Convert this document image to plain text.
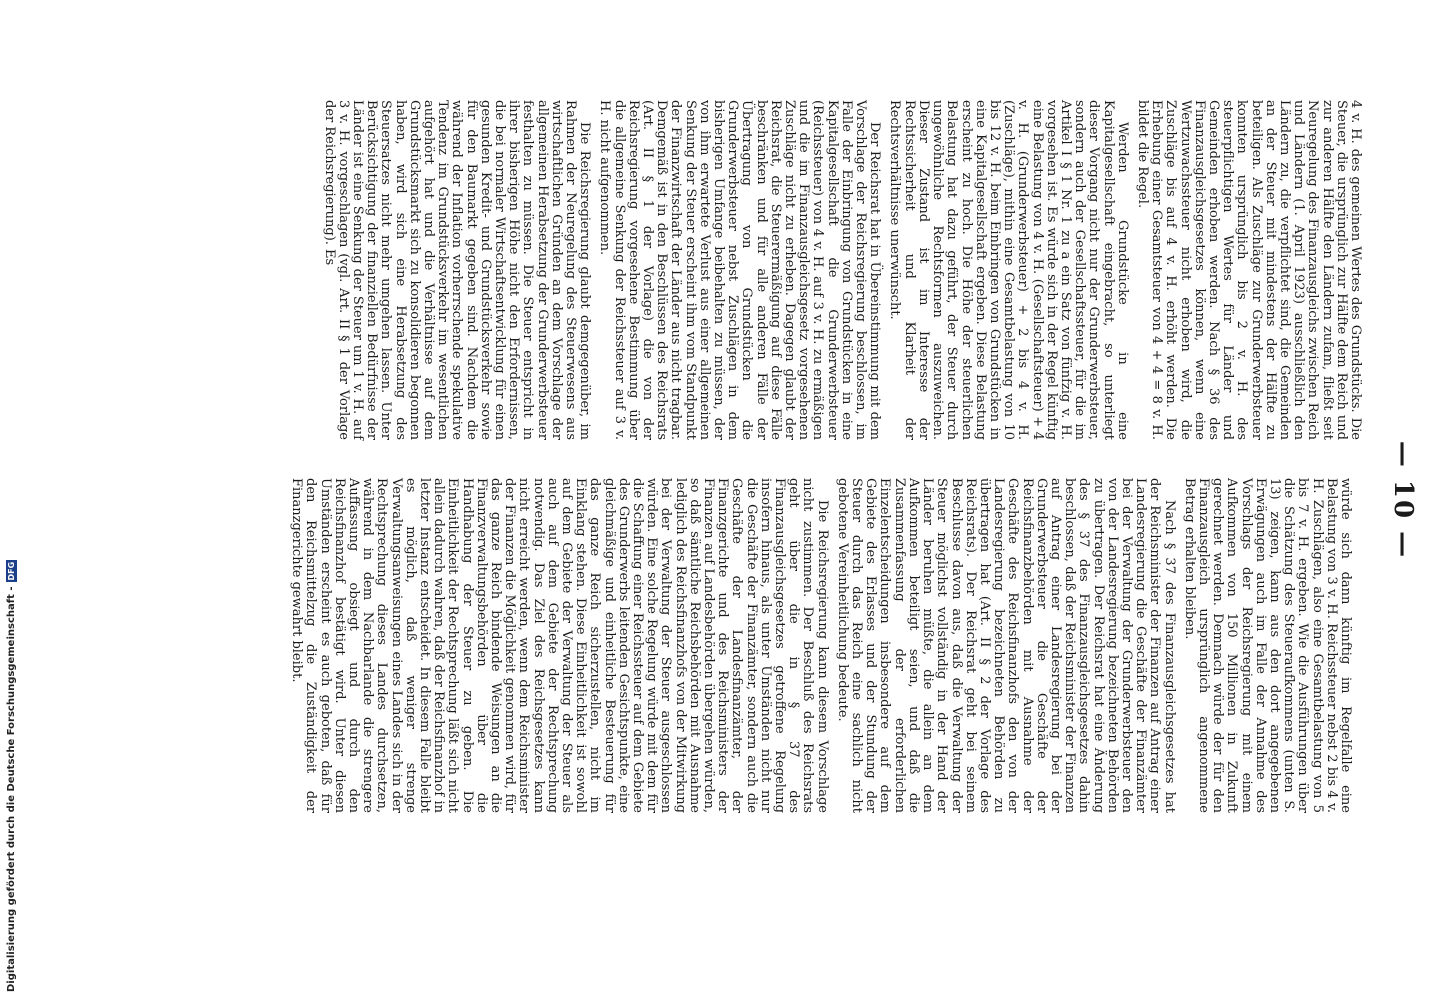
— 10 —

4 v. H. des gemeinen Wertes des Grundstücks. Die Steuer, die ursprünglich zur Hälfte dem Reich und zur anderen Hälfte den Ländern zufam, fließt seit Neuregelung des Finanzausgleichs zwischen Reich und Ländern (1. April 1923) ausschließlich den Ländern zu, die verpflichtet sind, die Gemeinden an der Steuer mit mindestens der Hälfte zu beteiligen. Als Zuschläge zur Grunderwerbsteuer konnten ursprünglich bis 2 v. H. des steuerpflichtigen Wertes für Länder und Gemeinden erhoben werden. Nach § 36 des Finanzausgleichsgesetzes können, wenn eine Wertzuwachssteuer nicht erhoben wird, die Zuschläge bis auf 4 v. H. erhöht werden. Die Erhebung einer Gesamtsteuer von 4 + 4 = 8 v. H. bildet die Regel.

Werden Grundstücke in eine Kapitalgesellschaft eingebracht, so unterliegt dieser Vorgang nicht nur der Grunderwerbsteuer, sondern auch der Gesellschaftssteuer, für die im Artikel I § 1 Nr. 1 zu a ein Satz von fünfzig v. H. vorgesehen ist. Es würde sich in der Regel künftig eine Belastung von 4 v. H. (Gesellschaftsteuer) + 4 v. H. (Grunderwerbsteuer) + 2 bis 4 v. H. (Zuschläge), mithin eine Gesamtbelastung von 10 bis 12 v. H. beim Einbringen von Grundstücken in eine Kapitalgesellschaft ergeben. Diese Belastung erscheint zu hoch. Die Höhe der steuerlichen Belastung hat dazu geführt, der Steuer durch ungewöhnliche Rechtsformen auszuweichen. Dieser Zustand ist im Interesse der Rechtssicherheit und Klarheit der Rechtsverhältnisse unerwünscht.

Der Reichsrat hat in Übereinstimmung mit dem Vorschlage der Reichsregierung beschlossen, im Falle der Einbringung von Grundstücken in eine Kapitalgesellschaft die Grunderwerbsteuer (Reichssteuer) von 4 v. H. auf 3 v. H. zu ermäßigen und die im Finanzausgleichsgesetz vorgesehenen Zuschläge nicht zu erheben. Dagegen glaubt der Reichsrat, die Steuerermäßigung auf diese Fälle beschränken und für alle anderen Fälle der Übertragung von Grundstücken die Grunderwerbsteuer nebst Zuschlägen in dem bisherigen Umfange beibehalten zu müssen, der von ihm erwartete Verlust aus einer allgemeinen Senkung der Steuer erscheint ihm vom Standpunkt der Finanzwirtschaft der Länder aus nicht tragbar. Demgemäß ist in den Beschlüssen des Reichsrats (Art. II § 1 der Vorlage) die von der Reichsregierung vorgesehene Bestimmung über die allgemeine Senkung der Reichssteuer auf 3 v. H. nicht aufgenommen.

Die Reichsregierung glaubt demgegenüber, im Rahmen der Neuregelung des Steuerwesens aus wirtschaftlichen Gründen an dem Vorschlage der allgemeinen Herabsetzung der Grunderwerbsteuer festhalten zu müssen. Die Steuer entspricht in ihrer bisherigen Höhe nicht den Erfordernissen, die bei normaler Wirtschaftsentwicklung für einen gesunden Kredit- und Grundstücksverkehr sowie für den Baumarkt gegeben sind. Nachdem die während der Inflation vorherrschende spekulative Tendenz im Grundstücksverkehr im wesentlichen aufgehört hat und die Verhältnisse auf dem Grundstücksmarkt sich zu konsolidieren begonnen haben, wird sich eine Herabsetzung des Steuersatzes nicht mehr umgehen lassen. Unter Berücksichtigung der finanziellen Bedürfnisse der Länder ist eine Senkung der Steuer um 1 v. H. auf 3 v. H. vorgeschlagen (vgl. Art. II § 1 der Vorlage der Reichsregierung). Es

würde sich dann künftig im Regelfalle eine Belastung von 3 v. H. Reichssteuer nebst 2 bis 4 v. H. Zuschlägen, also eine Gesamtbelastung von 5 bis 7 v. H. ergeben. Wie die Ausführungen über die Schätzung des Steueraufkommens (unten S. 13) zeigen, kann aus den dort angegebenen Erwägungen auch im Falle der Annahme des Vorschlags der Reichsregierung mit einem Aufkommen von 150 Millionen in Zukunft gerechnet werden. Demnach würde der für den Finanzausgleich ursprünglich angenommene Betrag erhalten bleiben.

Nach § 37 des Finanzausgleichsgesetzes hat der Reichsminister der Finanzen auf Antrag einer Landesregierung die Geschäfte der Finanzämter bei der Verwaltung der Grunderwerbsteuer den von der Landesregierung bezeichneten Behörden zu übertragen. Der Reichsrat hat eine Änderung des § 37 des Finanzausgleichsgesetzes dahin beschlossen, daß der Reichsminister der Finanzen auf Antrag einer Landesregierung bei der Grunderwerbsteuer die Geschäfte der Reichsfinanzbehörden mit Ausnahme der Geschäfte des Reichsfinanzhofs den von der Landesregierung bezeichneten Behörden zu übertragen hat (Art. II § 2 der Vorlage des Reichsrats). Der Reichsrat geht bei seinem Beschlusse davon aus, daß die Verwaltung der Steuer möglichst vollständig in der Hand der Länder beruhen müßte, die allein an dem Aufkommen beteiligt seien, und daß die Zusammenfassung der erforderlichen Einzelentscheidungen insbesondere auf dem Gebiete des Erlasses und der Stundung der Steuer durch das Reich eine sachlich nicht gebotene Vereinheitlichung bedeute.

Die Reichsregierung kann diesem Vorschlage nicht zustimmen. Der Beschluß des Reichsrats geht über die in § 37 des Finanzausgleichsgesetzes getroffene Regelung insofern hinaus, als unter Umständen nicht nur die Geschäfte der Finanzämter, sondern auch die Geschäfte der Landesfinanzämter, der Finanzgerichte und des Reichsministers der Finanzen auf Landesbehörden übergehen würden, so daß sämtliche Reichsbehörden mit Ausnahme lediglich des Reichsfinanzhofs von der Mitwirkung bei der Verwaltung der Steuer ausgeschlossen würden. Eine solche Regelung würde mit dem für die Schaffung einer Reichssteuer auf dem Gebiete des Grunderwerbs leitenden Gesichtspunkte, eine gleichmäßige und einheitliche Besteuerung für das ganze Reich sicherzustellen, nicht im Einklang stehen. Diese Einheitlichkeit ist sowohl auf dem Gebiete der Verwaltung der Steuer als auch auf dem Gebiete der Rechtsprechung notwendig. Das Ziel des Reichsgesetzes kann nicht erreicht werden, wenn dem Reichsminister der Finanzen die Möglichkeit genommen wird, für das ganze Reich bindende Weisungen an die Finanzverwaltungsbehörden über die Handhabung der Steuer zu geben. Die Einheitlichkeit der Rechtsprechung läßt sich nicht allein dadurch wahren, daß der Reichsfinanzhof in letzter Instanz entscheidet. In diesem Falle bleibt es möglich, daß weniger strenge Verwaltungsanweisungen eines Landes sich in der Rechtsprechung dieses Landes durchsetzen, während in dem Nachbarlande die strengere Auffassung obsiegt und durch den Reichsfinanzhof bestätigt wird. Unter diesen Umständen erscheint es auch geboten, daß für den Reichsmittelzug die Zuständigkeit der Finanzgerichte gewahrt bleibt.

Digitalisierung gefördert durch die Deutsche Forschungsgemeinschaft -
DFG
